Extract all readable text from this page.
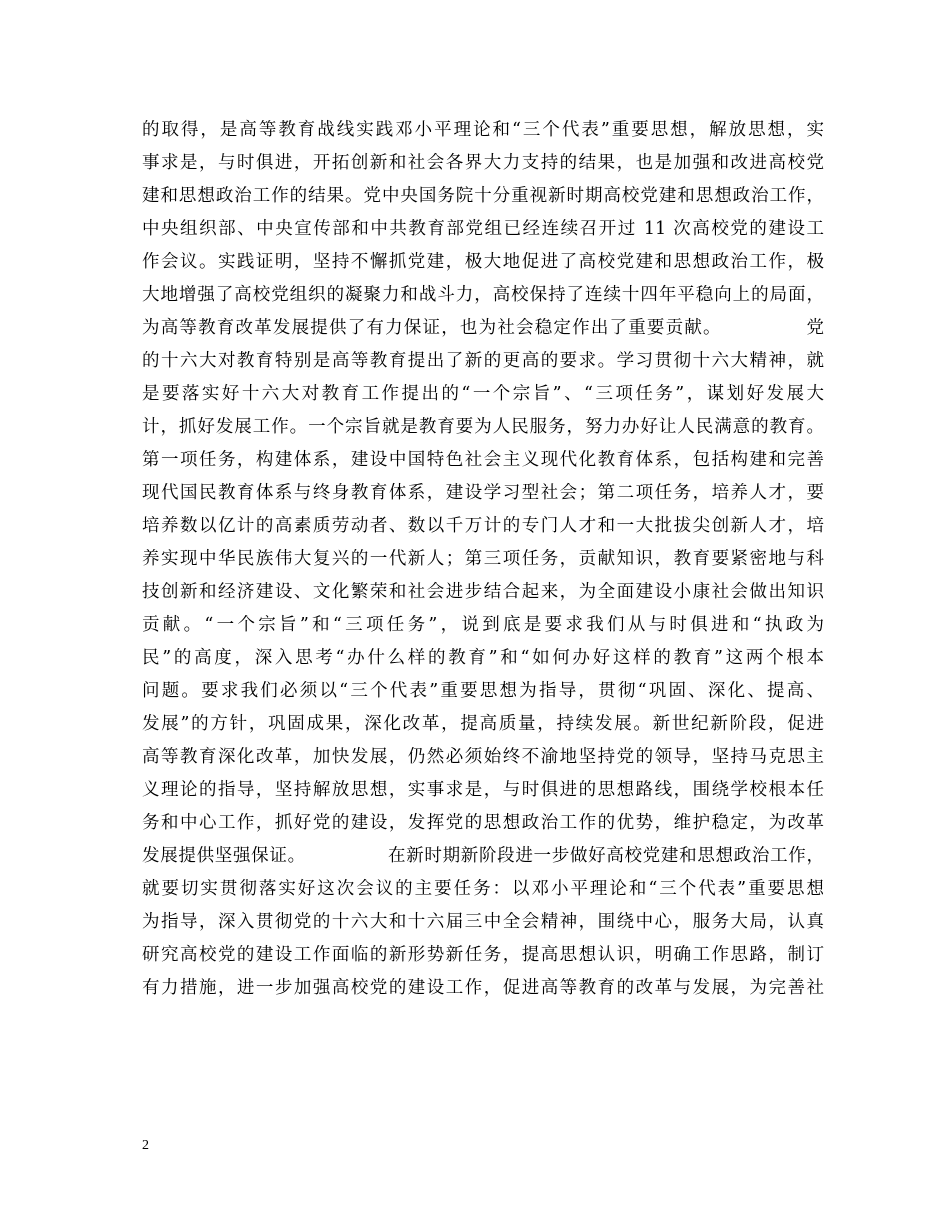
的取得，是高等教育战线实践邓小平理论和“三个代表”重要思想，解放思想，实
事求是，与时俱进，开拓创新和社会各界大力支持的结果，也是加强和改进高校党
建和思想政治工作的结果。党中央国务院十分重视新时期高校党建和思想政治工作，
中央组织部、中央宣传部和中共教育部党组已经连续召开过 11 次高校党的建设工
作会议。实践证明，坚持不懈抓党建，极大地促进了高校党建和思想政治工作，极
大地增强了高校党组织的凝聚力和战斗力，高校保持了连续十四年平稳向上的局面，
为高等教育改革发展提供了有力保证，也为社会稳定作出了重要贡献。　　　　　党
的十六大对教育特别是高等教育提出了新的更高的要求。学习贯彻十六大精神，就
是要落实好十六大对教育工作提出的“一个宗旨”、“三项任务”，谋划好发展大
计，抓好发展工作。一个宗旨就是教育要为人民服务，努力办好让人民满意的教育。
第一项任务，构建体系，建设中国特色社会主义现代化教育体系，包括构建和完善
现代国民教育体系与终身教育体系，建设学习型社会；第二项任务，培养人才，要
培养数以亿计的高素质劳动者、数以千万计的专门人才和一大批拔尖创新人才，培
养实现中华民族伟大复兴的一代新人；第三项任务，贡献知识，教育要紧密地与科
技创新和经济建设、文化繁荣和社会进步结合起来，为全面建设小康社会做出知识
贡献。“一个宗旨”和“三项任务”，说到底是要求我们从与时俱进和“执政为
民”的高度，深入思考“办什么样的教育”和“如何办好这样的教育”这两个根本
问题。要求我们必须以“三个代表”重要思想为指导，贯彻“巩固、深化、提高、
发展”的方针，巩固成果，深化改革，提高质量，持续发展。新世纪新阶段，促进
高等教育深化改革，加快发展，仍然必须始终不渝地坚持党的领导，坚持马克思主
义理论的指导，坚持解放思想，实事求是，与时俱进的思想路线，围绕学校根本任
务和中心工作，抓好党的建设，发挥党的思想政治工作的优势，维护稳定，为改革
发展提供坚强保证。　　　　　在新时期新阶段进一步做好高校党建和思想政治工作，
就要切实贯彻落实好这次会议的主要任务：以邓小平理论和“三个代表”重要思想
为指导，深入贯彻党的十六大和十六届三中全会精神，围绕中心，服务大局，认真
研究高校党的建设工作面临的新形势新任务，提高思想认识，明确工作思路，制订
有力措施，进一步加强高校党的建设工作，促进高等教育的改革与发展，为完善社
2
